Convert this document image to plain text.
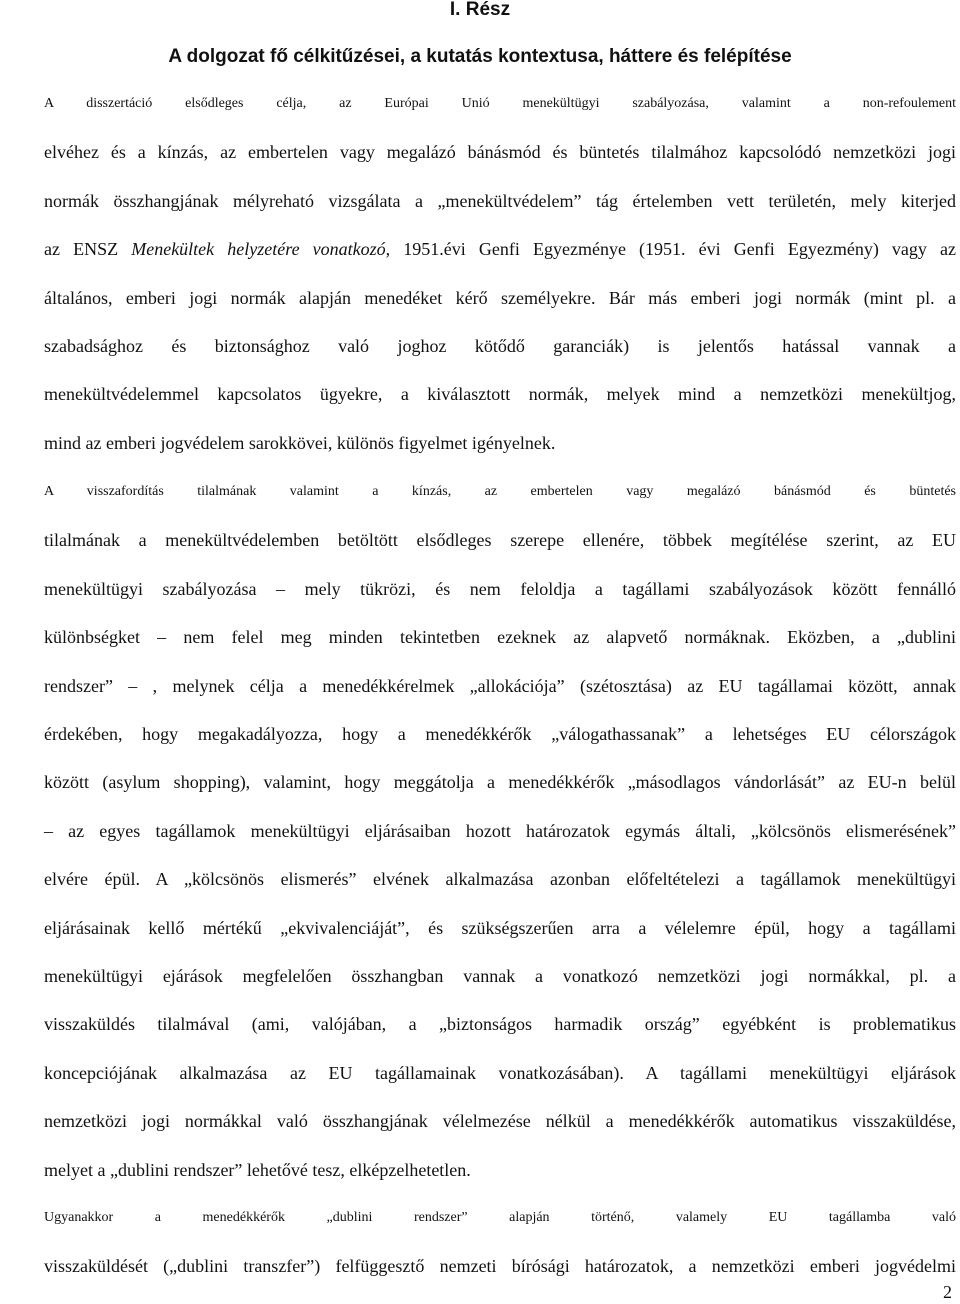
I. Rész
A dolgozat fő célkitűzései, a kutatás kontextusa, háttere és felépítése
A disszertáció elsődleges célja, az Európai Unió menekültügyi szabályozása, valamint a non-refoulement
elvéhez és a kínzás, az embertelen vagy megalázó bánásmód és büntetés tilalmához kapcsolódó nemzetközi jogi
normák összhangjának mélyreható vizsgálata a „menekültvédelem” tág értelemben vett területén, mely kiterjed
az ENSZ Menekültek helyzetére vonatkozó, 1951.évi Genfi Egyezménye (1951. évi Genfi Egyezmény) vagy az
általános, emberi jogi normák alapján menedéket kérő személyekre. Bár más emberi jogi normák (mint pl. a
szabadsághoz és biztonsághoz való joghoz kötődő garanciák) is jelentős hatással vannak a
menekültvédelemmel kapcsolatos ügyekre, a kiválasztott normák, melyek mind a nemzetközi menekültjog,
mind az emberi jogvédelem sarokkövei, különös figyelmet igényelnek.
A visszafordítás tilalmának valamint a kínzás, az embertelen vagy megalázó bánásmód és büntetés
tilalmának a menekültvédelemben betöltött elsődleges szerepe ellenére, többek megítélése szerint, az EU
menekültügyi szabályozása – mely tükrözi, és nem feloldja a tagállami szabályozások között fennálló
különbségket – nem felel meg minden tekintetben ezeknek az alapvető normáknak. Eközben, a „dublini
rendszer” – , melynek célja a menedékkérelmek „allokációja” (szétosztása) az EU tagállamai között, annak
érdekében, hogy megakadályozza, hogy a menedékkérők „válogathassanak” a lehetséges EU célországok
között (asylum shopping), valamint, hogy meggátolja a menedékkérők „másodlagos vándorlását” az EU-n belül
– az egyes tagállamok menekültügyi eljárásaiban hozott határozatok egymás általi, „kölcsönös elismerésének”
elvére épül. A „kölcsönös elismerés” elvének alkalmazása azonban előfeltételezi a tagállamok menekültügyi
eljárásainak kellő mértékű „ekvivalenciáját”, és szükségszerűen arra a vélelemre épül, hogy a tagállami
menekültügyi ejárások megfelelően összhangban vannak a vonatkozó nemzetközi jogi normákkal, pl. a
visszaküldés tilalmával (ami, valójában, a „biztonságos harmadik ország” egyébként is problematikus
koncepciójának alkalmazása az EU tagállamainak vonatkozásában). A tagállami menekültügyi eljárások
nemzetközi jogi normákkal való összhangjának vélelmezése nélkül a menedékkérők automatikus visszaküldése,
melyet a „dublini rendszer” lehetővé tesz, elképzelhetetlen.
Ugyanakkor a menedékkérők „dublini rendszer” alapján történő, valamely EU tagállamba való
visszaküldését („dublini transzfer”) felfüggesztő nemzeti bírósági határozatok, a nemzetközi emberi jogvédelmi
2
